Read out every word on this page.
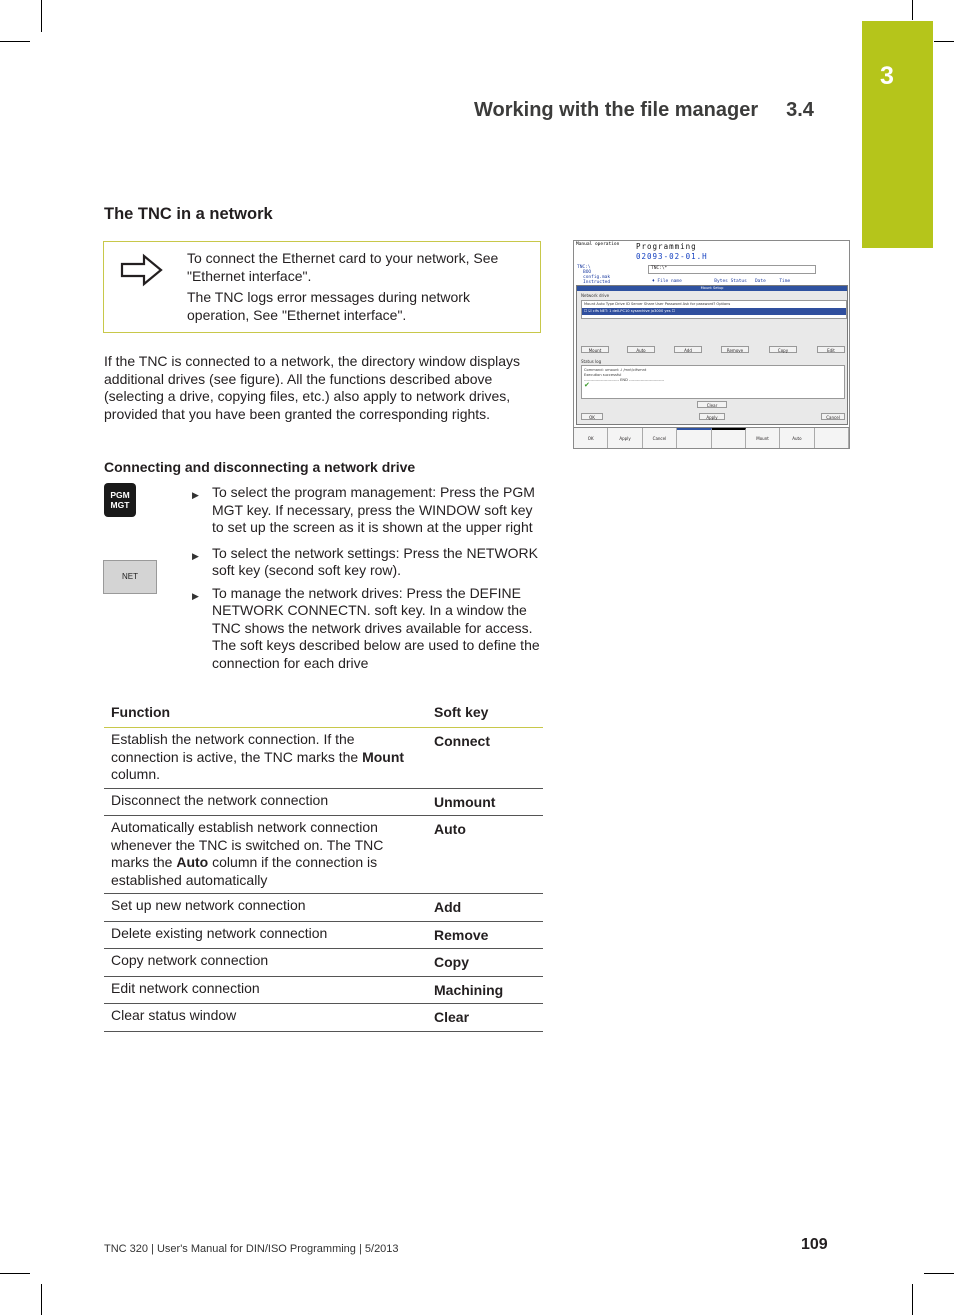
3
Working with the file manager 3.4
The TNC in a network

To connect the Ethernet card to your network, See "Ethernet interface".

The TNC logs error messages during network operation, See "Ethernet interface".

If the TNC is connected to a network, the directory window displays additional drives (see figure). All the functions described above (selecting a drive, copying files, etc.) also apply to network drives, provided that you have been granted the corresponding rights.

Manual operation Programming
02093-02-01.H
TNC:\
BOO
config.mak
Instructed
TNC:\*
♦ File name            Bytes Status   Date     Time
Mount Setup
Network drive
Mount Auto Type Drive ID Server Share User Password Ask for password? Options
☐ ☑ cifs NET: 1 dell-PC10 sysarchive jo3000 yes ☐
Mount	Auto	Add	Remove	Copy	Edit
Status log
Command: umount -l /mnt/cifsmnt
Execution successful
--------------------------- END ---------------------------
✔
Clear
OK	Apply	Cancel
OK	Apply	Cancel	Mount	Auto
Connecting and disconnecting a network drive
PGM
MGT
NET
▶ To select the program management: Press the PGM MGT key. If necessary, press the WINDOW soft key to set up the screen as it is shown at the upper right
▶ To select the network settings: Press the NETWORK soft key (second soft key row).
▶ To manage the network drives: Press the DEFINE NETWORK CONNECTN. soft key. In a window the TNC shows the network drives available for access. The soft keys described below are used to define the connection for each drive
Function	Soft key
Establish the network connection. If the connection is active, the TNC marks the Mount column.	Connect
Disconnect the network connection	Unmount
Automatically establish network connection whenever the TNC is switched on. The TNC marks the Auto column if the connection is established automatically	Auto
Set up new network connection	Add
Delete existing network connection	Remove
Copy network connection	Copy
Edit network connection	Machining
Clear status window	Clear
TNC 320 | User's Manual for DIN/ISO Programming | 5/2013	109
